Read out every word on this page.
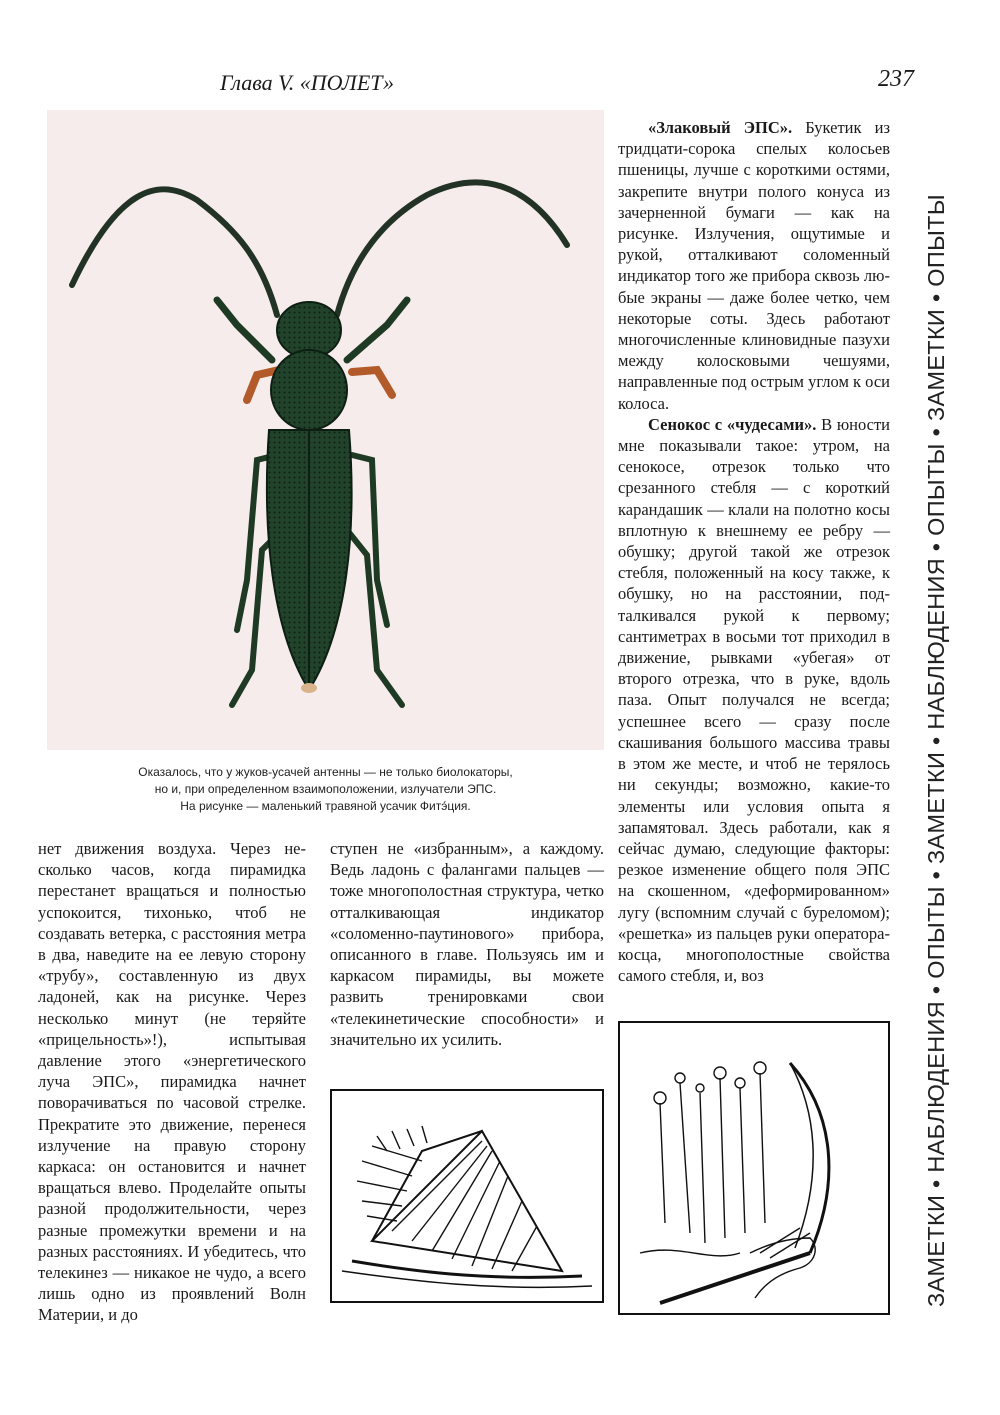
Глава V. «ПОЛЕТ»	237
ЗАМЕТКИ • НАБЛЮДЕНИЯ • ОПЫТЫ • ЗАМЕТКИ • НАБЛЮДЕНИЯ • ОПЫТЫ • ЗАМЕТКИ • ОПЫТЫ
Оказалось, что у жуков-усачей антенны — не только биолокаторы,
но и, при определенном взаимоположении, излучатели ЭПС.
На рисунке — маленький травяной усачик Фитэ́ция.

нет движения воздуха. Через несколько часов, когда пирамидка перестанет вращаться и полностью успокоится, тихонько, чтоб не создавать ветерка, с расстояния метра в два, наведите на ее левую сторону «трубу», составленную из двух ладоней, как на рисунке. Через несколько минут (не теряйте «прицельность»!), испытывая давление этого «энергетического луча ЭПС», пирамидка начнет поворачиваться по часовой стрелке. Прекратите это движение, перенеся излучение на правую сторону каркаса: он остановится и начнет вращаться влево. Проделайте опыты разной продолжительности, через разные промежутки времени и на разных расстояниях. И убедитесь, что телекинез — никакое не чудо, а всего лишь одно из проявлений Волн Материи, и до

ступен не «избранным», а каждому. Ведь ладонь с фалангами пальцев — тоже многополостная структура, четко отталкивающая индикатор «соломенно-паутинового» прибора, описанного в главе. Пользуясь им и каркасом пирамиды, вы можете развить тренировками свои «телекинетические способности» и значительно их усилить.

«Злаковый ЭПС». Букетик из тридцати-сорока спелых колосьев пшеницы, лучше с короткими остями, закрепите внутри полого конуса из зачерненной бумаги — как на рисунке. Излучения, ощутимые и рукой, отталкивают соломенный индикатор того же прибора сквозь любые экраны — даже более четко, чем некоторые соты. Здесь работают многочисленные клиновидные пазухи между колосковыми чешуями, направленные под острым углом к оси колоса.

Сенокос с «чудесами». В юности мне показывали такое: утром, на сенокосе, отрезок только что срезанного стебля — с короткий карандашик — клали на полотно косы вплотную к внешнему ее ребру — обушку; другой такой же отрезок стебля, положенный на косу также, к обушку, но на расстоянии, подталкивался рукой к первому; сантиметрах в восьми тот приходил в движение, рывками «убегая» от второго отрезка, что в руке, вдоль паза. Опыт получался не всегда; успешнее всего — сразу после скашивания большого массива травы в этом же месте, и чтоб не терялось ни секунды; возможно, какие-то элементы или условия опыта я запамятовал. Здесь работали, как я сейчас думаю, следующие факторы: резкое изменение общего поля ЭПС на скошенном, «деформированном» лугу (вспомним случай с буреломом); «решетка» из пальцев руки оператора-косца, многополостные свойства самого стебля, и, воз
